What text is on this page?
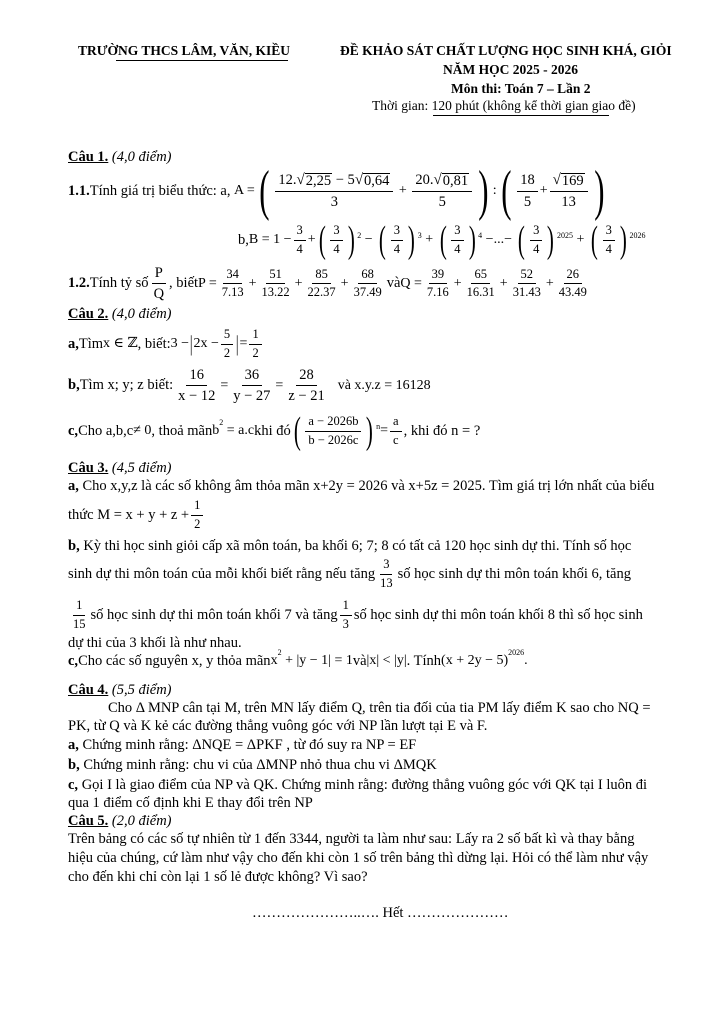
TRƯỜNG THCS LÂM, VĂN, KIỀU	ĐỀ KHẢO SÁT CHẤT LƯỢNG HỌC SINH KHÁ, GIỎI
NĂM HỌC 2025 - 2026
Môn thi: Toán 7 – Lần 2
Thời gian: 120 phút (không kể thời gian giao đề)
Câu 1. (4,0 điểm)
1.1. Tính giá trị biểu thức: a, A = ( $\frac{12. √ 2,25 - 5 √ 0,64}{3} + \frac{20. √ 0,81}{5}$ ) : ( $\frac{18}{5} + \frac{√ 169}{13}$ )
b, $B = 1 - \frac{3}{4}$ + ( $\frac{3}{4}$ ) $^2$ − ( $\frac{3}{4}$ ) $^3$ + ( $\frac{3}{4}$ ) $^4$ −...− ( $\frac{3}{4}$ ) $^{2025}$ + ( $\frac{3}{4}$ ) $^{2026}$
1.2. Tính tỷ số $\frac{P}{Q}$ , biết $P = \frac{34}{7.13} + \frac{51}{13.22} + \frac{85}{22.37} + \frac{68}{37.49}$ và $Q = \frac{39}{7.16} + \frac{65}{16.31} + \frac{52}{31.43} + \frac{26}{43.49}$
Câu 2. (4,0 điểm)
a, Tìm x ∈ ℤ , biết: 3 − | $2x - \frac{5}{2}$ | = $\frac{1}{2}$
b, Tìm x; y; z biết: $\frac{16}{x - 12} = \frac{36}{y - 27} = \frac{28}{z - 21}$ và x.y.z = 16128
c, Cho a,b,c ≠ 0 , thoả mãn $b^2 = a.c$ khi đó ( $\frac{a - 2026b}{b - 2026c}$ ) $^n = \frac{a}{c}$ , khi đó n = ?
Câu 3. (4,5 điểm)
a, Cho x,y,z là các số không âm thỏa mãn x+2y = 2026 và x+5z = 2025. Tìm giá trị lớn nhất của biểu
thức $M = x + y + z + \frac{1}{2}$
b, Kỳ thi học sinh giỏi cấp xã môn toán, ba khối 6; 7; 8 có tất cả 120 học sinh dự thi. Tính số học
sinh dự thi môn toán của mỗi khối biết rằng nếu tăng $\frac{3}{13}$ số học sinh dự thi môn toán khối 6, tăng
$\frac{1}{15}$ số học sinh dự thi môn toán khối 7 và tăng $\frac{1}{3}$ số học sinh dự thi môn toán khối 8 thì số học sinh
dự thi của 3 khối là như nhau.
c, Cho các số nguyên x, y thỏa mãn $x^2 + |y - 1| = 1$ và |x| < |y| . Tính $(x + 2y - 5)^{2026}$.
Câu 4. (5,5 điểm)
Cho Δ MNP cân tại M, trên MN lấy điểm Q, trên tia đối của tia PM lấy điểm K sao cho NQ =
PK, từ Q và K kẻ các đường thẳng vuông góc với NP lần lượt tại E và F.
a, Chứng minh rằng: ΔNQE = ΔPKF , từ đó suy ra NP = EF
b, Chứng minh rằng: chu vi của ΔMNP nhỏ thua chu vi ΔMQK
c, Gọi I là giao điểm của NP và QK. Chứng minh rằng: đường thẳng vuông góc với QK tại I luôn đi
qua 1 điểm cố định khi E thay đổi trên NP
Câu 5. (2,0 điểm)
Trên bảng có các số tự nhiên từ 1 đến 3344, người ta làm như sau: Lấy ra 2 số bất kì và thay bằng
hiệu của chúng, cứ làm như vậy cho đến khi còn 1 số trên bảng thì dừng lại. Hỏi có thể làm như vậy
cho đến khi chỉ còn lại 1 số lẻ được không? Vì sao?
…………………..…. Hết …………………
